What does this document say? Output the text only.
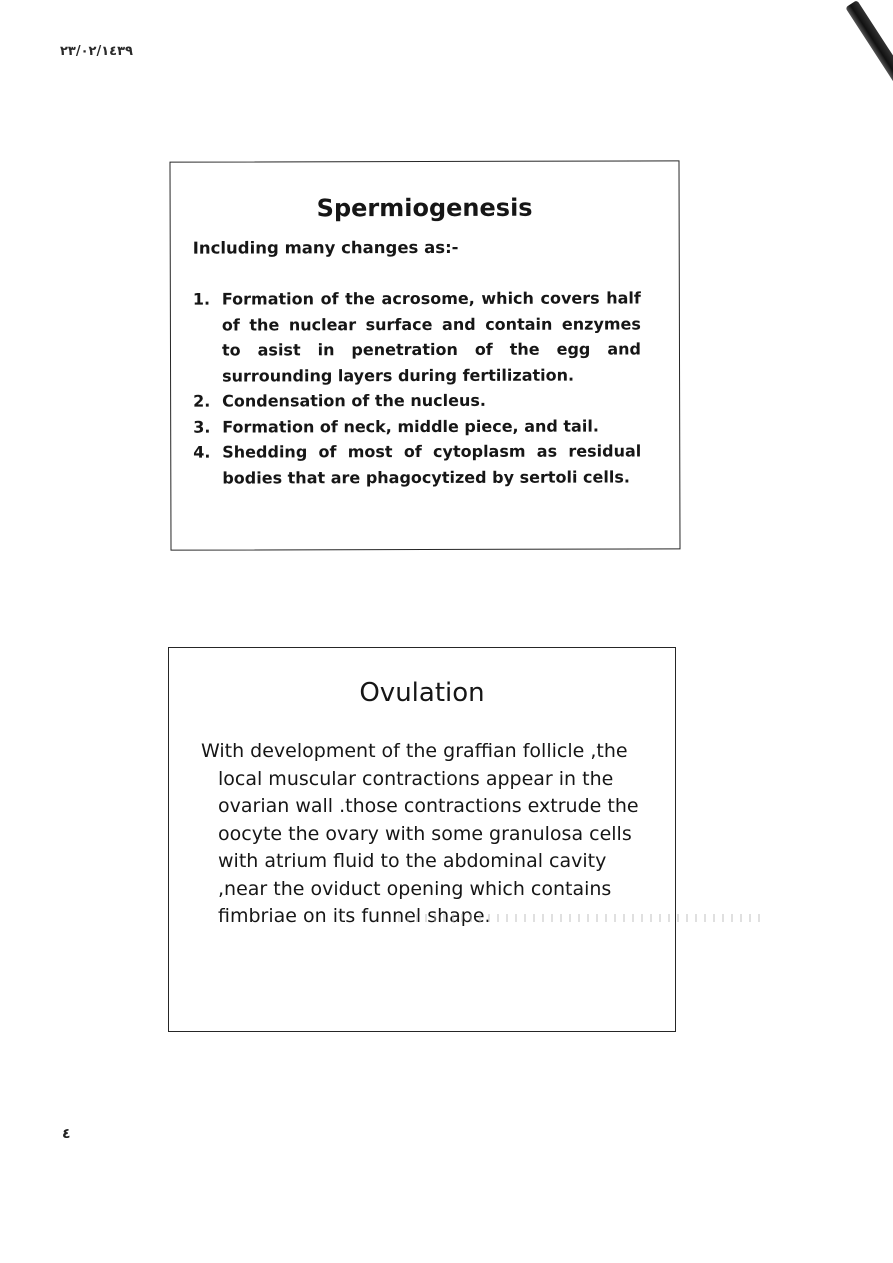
٢٣/٠٢/١٤٣٩
Spermiogenesis

Including many changes as:-

1. Formation of the acrosome, which covers half of the nuclear surface and contain enzymes to asist in penetration of the egg and surrounding layers during fertilization.
2. Condensation of the nucleus.
3. Formation of neck, middle piece, and tail.
4. Shedding of most of cytoplasm as residual bodies that are phagocytized by sertoli cells.
Ovulation

With development of the graffian follicle ,the local muscular contractions appear in the ovarian wall .those contractions extrude the oocyte the ovary with some granulosa cells with atrium fluid to the abdominal cavity ,near the oviduct opening which contains fimbriae on its funnel shape.

٤
